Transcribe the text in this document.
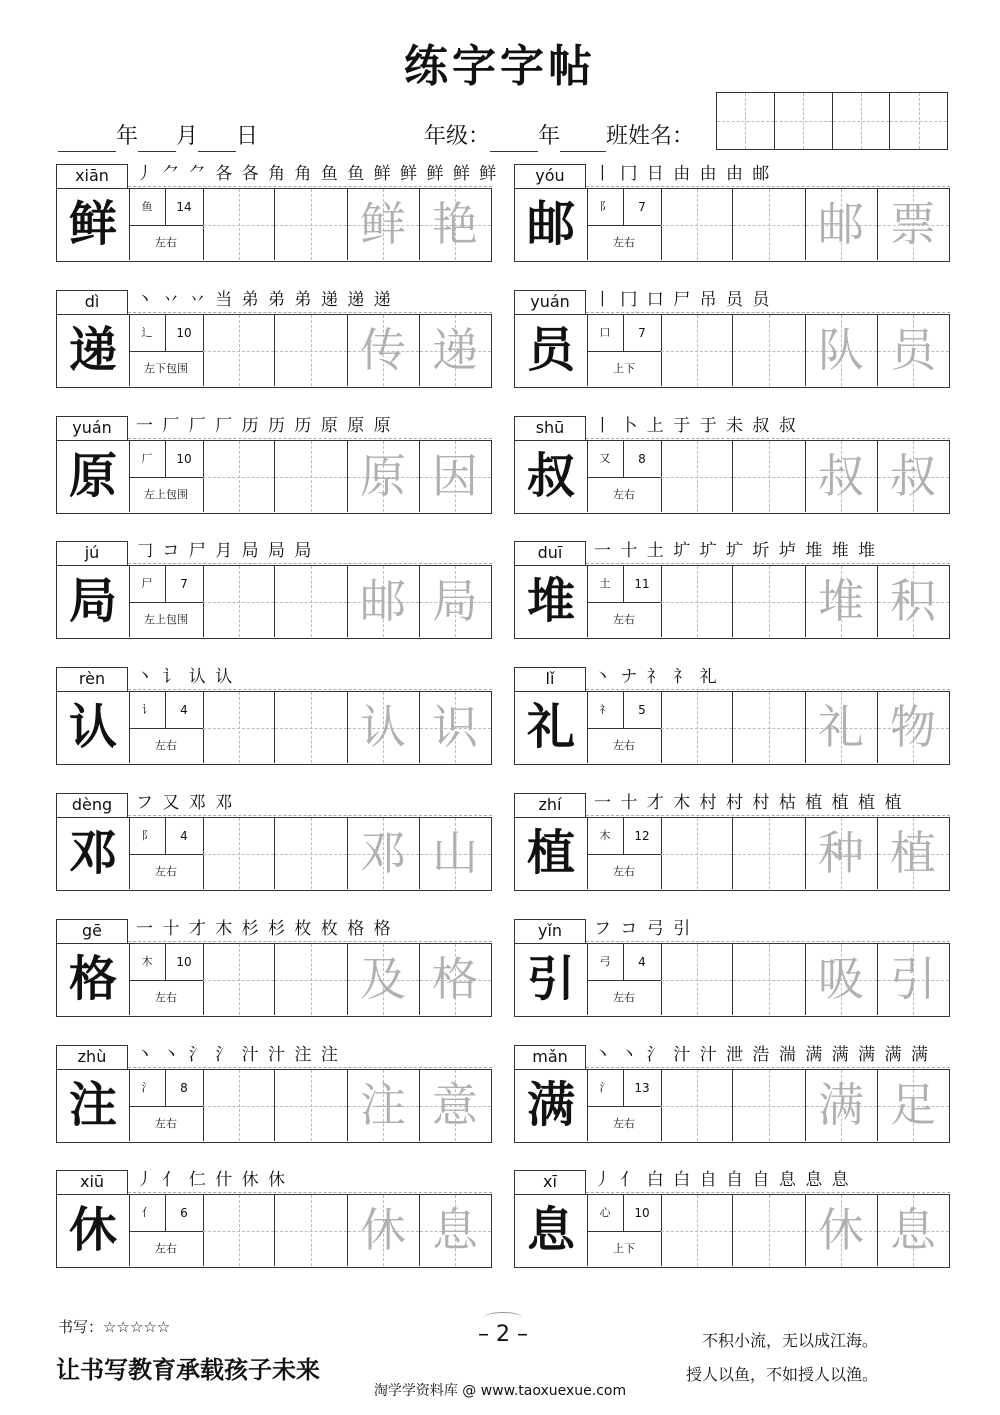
练字字帖
年 月 日	年级： 年 班姓名：
xiān	丿 ⺈ ⺈ 各 各 角 角 鱼 鱼 鲜 鲜 鲜 鲜 鲜
鲜	鱼	14
左右	鲜 艳
yóu	丨 冂 日 由 由 由 邮
邮	阝	7
左右	邮 票
dì	丶 丷 丷 当 弟 弟 弟 递 递 递
递	辶	10
左下包围	传 递
yuán	丨 冂 口 尸 吊 员 员
员	口	7
上下	队 员
yuán	一 厂 厂 厂 历 历 历 原 原 原
原	厂	10
左上包围	原 因
shū	丨 卜 上 于 于 未 叔 叔
叔	又	8
左右	叔 叔
jú	𠃌 コ 尸 月 局 局 局
局	尸	7
左上包围	邮 局
duī	一 十 土 圹 圹 圹 圻 垆 堆 堆 堆
堆	土	11
左右	堆 积
rèn	丶 讠 认 认
认	讠	4
左右	认 识
lǐ	丶 ナ 礻 礻 礼
礼	礻	5
左右	礼 物
dèng	フ 又 邓 邓
邓	阝	4
左右	邓 山
zhí	一 十 才 木 村 村 村 枯 植 植 植 植
植	木	12
左右	种 植
gē	一 十 才 木 杉 杉 枚 枚 格 格
格	木	10
左右	及 格
yǐn	フ コ 弓 引
引	弓	4
左右	吸 引
zhù	丶 丶 氵 氵 汁 汁 注 注
注	氵	8
左右	注 意
mǎn	丶 丶 氵 汁 汁 泄 浩 湍 满 满 满 满 满
满	氵	13
左右	满 足
xiū	丿 亻 仁 什 休 休
休	亻	6
左右	休 息
xī	丿 亻 白 白 自 自 自 息 息 息
息	心	10
上下	休 息
书写：☆☆☆☆☆
让书写教育承载孩子未来
– 2 –	不积小流，无以成江海。
授人以鱼，不如授人以渔。
淘学学资料库 @ www.taoxuexue.com
